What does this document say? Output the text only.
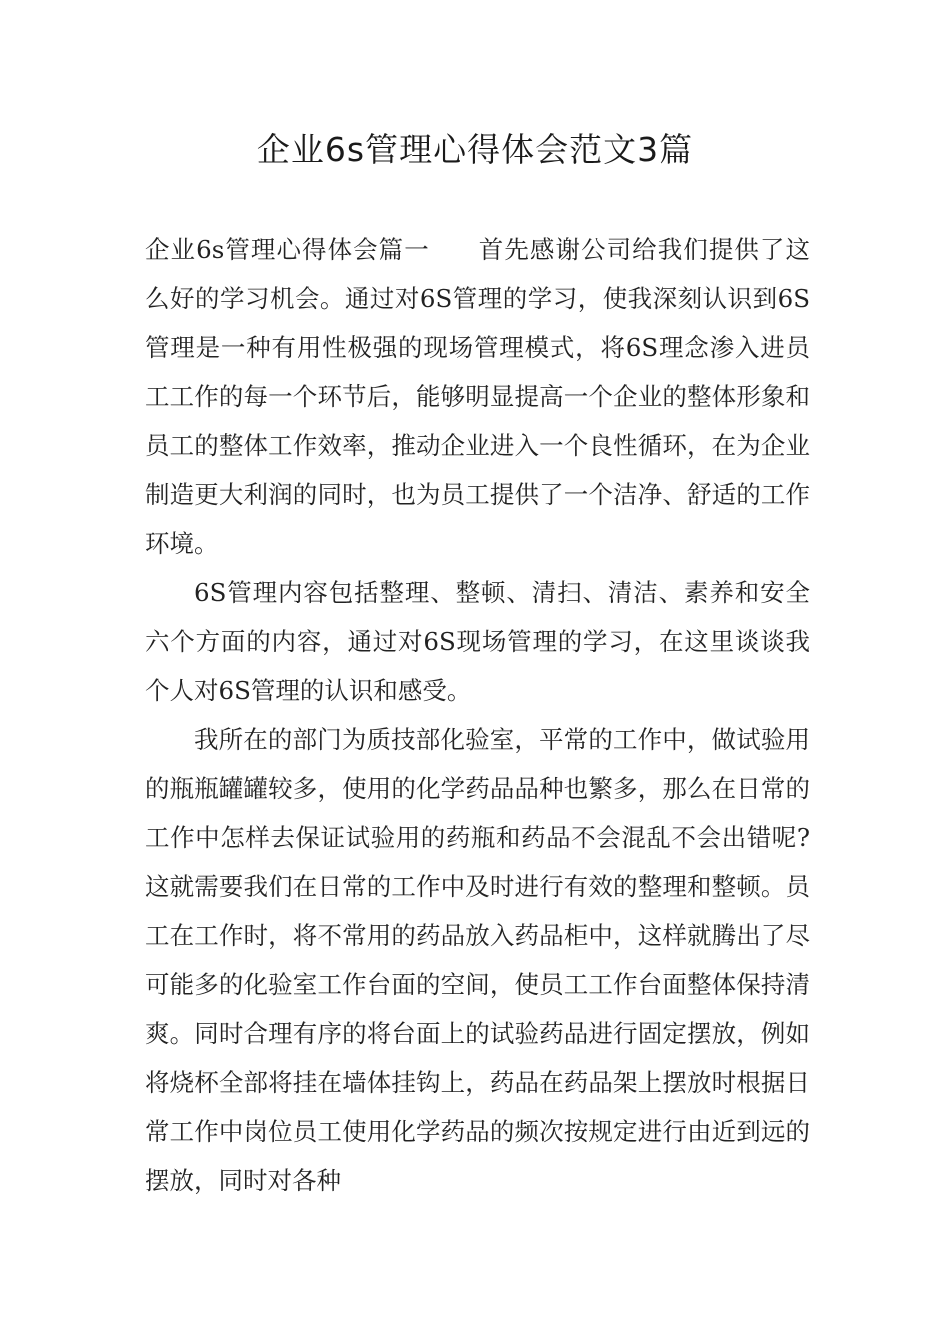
企业6s管理心得体会范文3篇

企业6s管理心得体会篇一 首先感谢公司给我们提供了这么好的学习机会。通过对6S管理的学习，使我深刻认识到6S管理是一种有用性极强的现场管理模式，将6S理念渗入进员工工作的每一个环节后，能够明显提高一个企业的整体形象和员工的整体工作效率，推动企业进入一个良性循环，在为企业制造更大利润的同时，也为员工提供了一个洁净、舒适的工作环境。

6S管理内容包括整理、整顿、清扫、清洁、素养和安全六个方面的内容，通过对6S现场管理的学习，在这里谈谈我个人对6S管理的认识和感受。

我所在的部门为质技部化验室，平常的工作中，做试验用的瓶瓶罐罐较多，使用的化学药品品种也繁多，那么在日常的工作中怎样去保证试验用的药瓶和药品不会混乱不会出错呢?这就需要我们在日常的工作中及时进行有效的整理和整顿。员工在工作时，将不常用的药品放入药品柜中，这样就腾出了尽可能多的化验室工作台面的空间，使员工工作台面整体保持清爽。同时合理有序的将台面上的试验药品进行固定摆放，例如将烧杯全部将挂在墙体挂钩上，药品在药品架上摆放时根据日常工作中岗位员工使用化学药品的频次按规定进行由近到远的摆放，同时对各种
